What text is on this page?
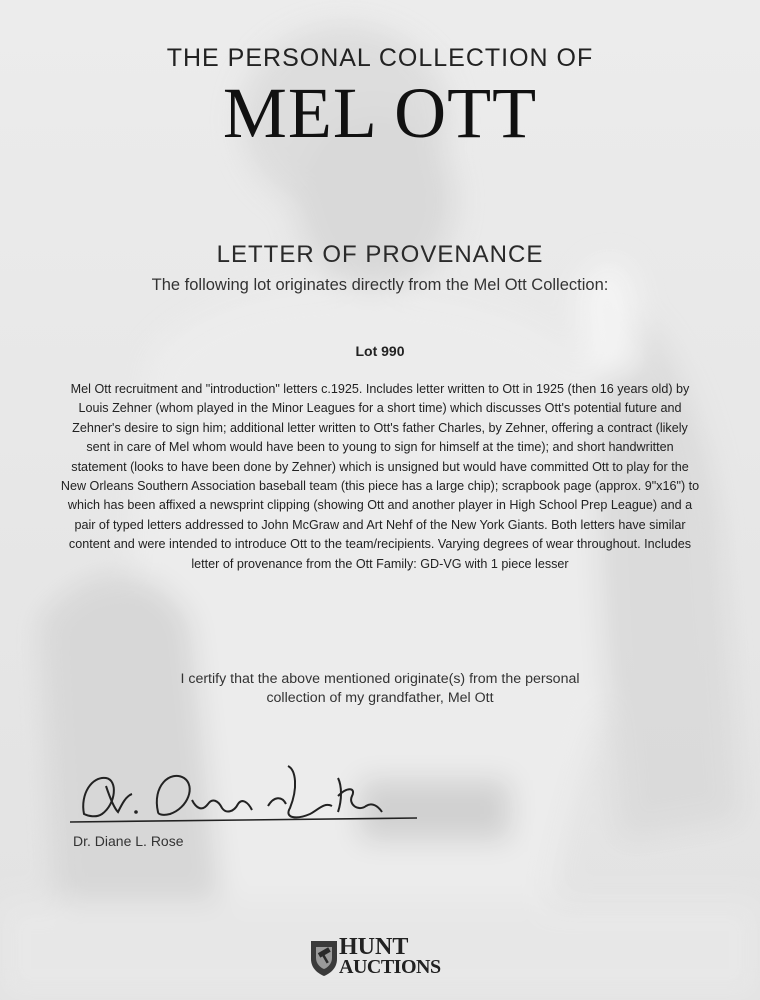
THE PERSONAL COLLECTION OF
MEL OTT
LETTER OF PROVENANCE
The following lot originates directly from the Mel Ott Collection:
Lot 990
Mel Ott recruitment and "introduction" letters c.1925. Includes letter written to Ott in 1925 (then 16 years old) by Louis Zehner (whom played in the Minor Leagues for a short time) which discusses Ott's potential future and Zehner's desire to sign him; additional letter written to Ott's father Charles, by Zehner, offering a contract (likely sent in care of Mel whom would have been to young to sign for himself at the time); and short handwritten statement (looks to have been done by Zehner) which is unsigned but would have committed Ott to play for the New Orleans Southern Association baseball team (this piece has a large chip); scrapbook page (approx. 9"x16") to which has been affixed a newsprint clipping (showing Ott and another player in High School Prep League) and a pair of typed letters addressed to John McGraw and Art Nehf of the New York Giants. Both letters have similar content and were intended to introduce Ott to the team/recipients. Varying degrees of wear throughout. Includes letter of provenance from the Ott Family: GD-VG with 1 piece lesser
I certify that the above mentioned originate(s) from the personal collection of my grandfather, Mel Ott
Dr. Diane L. Rose
Dr. Diane L. Rose
HUNT
AUCTIONS
